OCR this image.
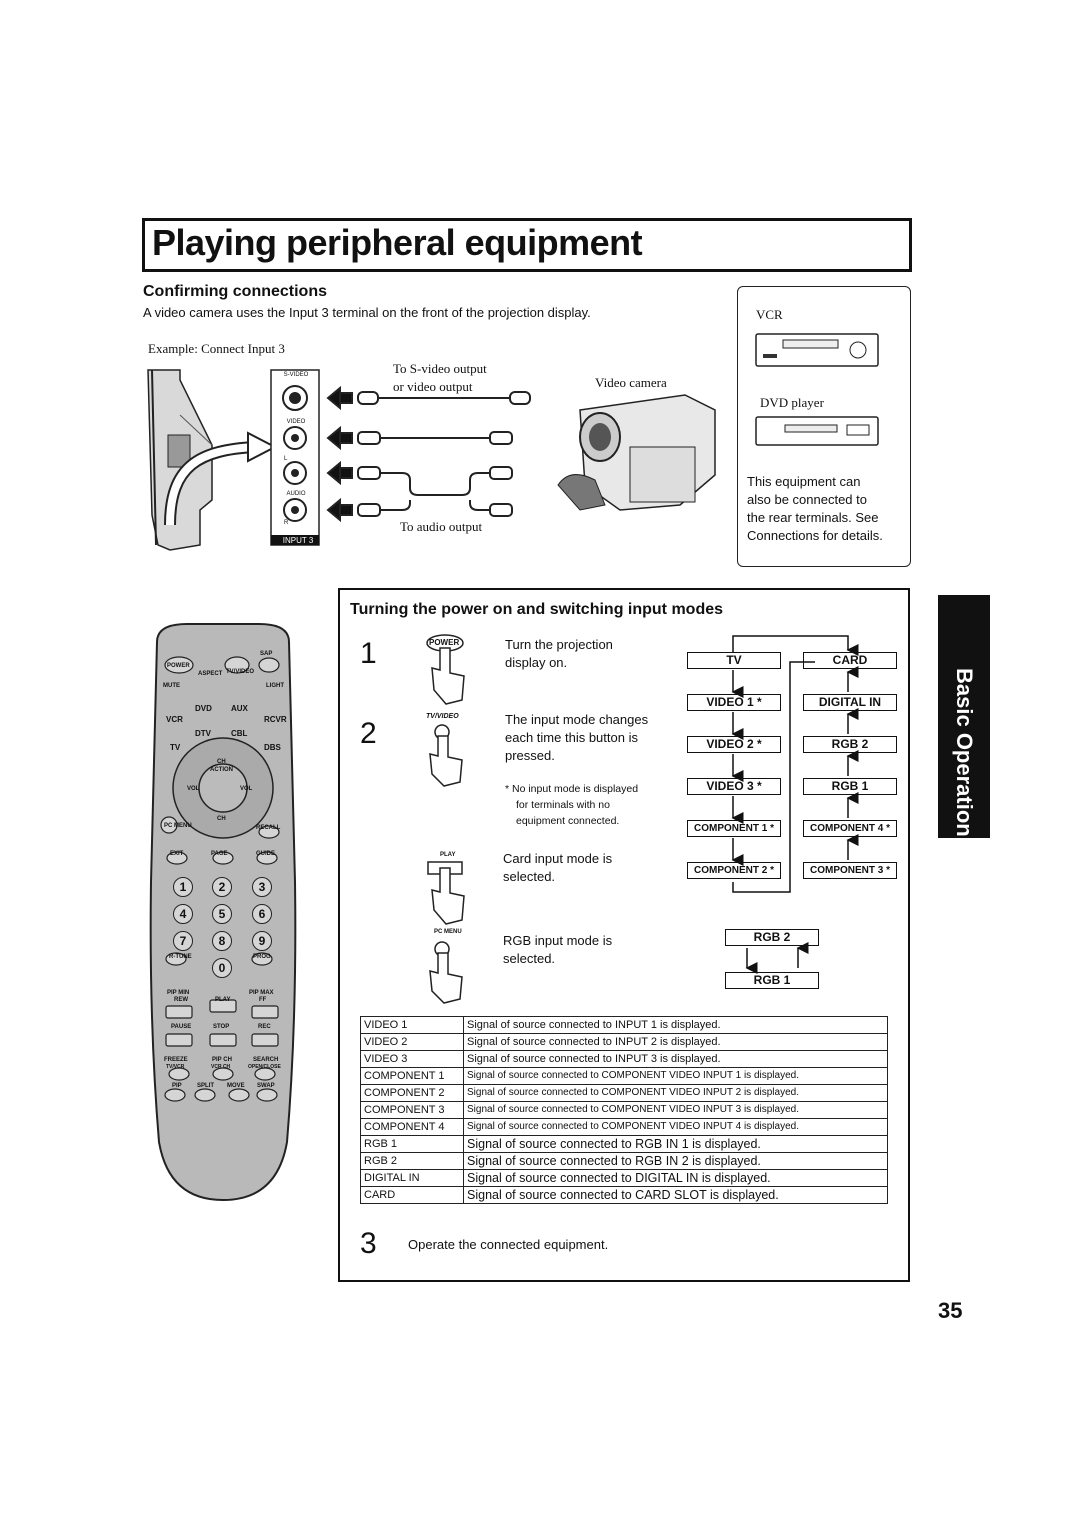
Playing peripheral equipment
Confirming connections
A video camera uses the Input 3 terminal on the front of the projection display.
Example: Connect Input 3
To S-video output
or video output	Video camera
To audio output
S-VIDEO
VIDEO
L
AUDIO
R
INPUT 3
VCR
DVD player
This equipment can
also be connected to
the rear terminals. See
Connections for details.
Basic Operation
Turning the power on and switching input modes
1
2
3
POWER
TV/VIDEO
PLAY
PC MENU
Turn the projection
display on.
The input mode changes
each time this button is
pressed.
* No input mode is displayed
for terminals with no
equipment connected.
Card input mode is
selected.
RGB input mode is
selected.
TV
VIDEO 1 *
VIDEO 2 *
VIDEO 3 *
COMPONENT 1 *
COMPONENT 2 *
CARD
DIGITAL IN
RGB 2
RGB 1
COMPONENT 4 *
COMPONENT 3 *
RGB 2
RGB 1
VIDEO 1	Signal of source connected to INPUT 1 is displayed.
VIDEO 2	Signal of source connected to INPUT 2 is displayed.
VIDEO 3	Signal of source connected to INPUT 3 is displayed.
COMPONENT 1	Signal of source connected to COMPONENT VIDEO INPUT 1 is displayed.
COMPONENT 2	Signal of source connected to COMPONENT VIDEO INPUT 2 is displayed.
COMPONENT 3	Signal of source connected to COMPONENT VIDEO INPUT 3 is displayed.
COMPONENT 4	Signal of source connected to COMPONENT VIDEO INPUT 4 is displayed.
RGB 1	Signal of source connected to RGB IN 1 is displayed.
RGB 2	Signal of source connected to RGB IN 2 is displayed.
DIGITAL IN	Signal of source connected to DIGITAL IN is displayed.
CARD	Signal of source connected to CARD SLOT is displayed.
Operate the connected equipment.
SAP
POWER
ASPECT TV/VIDEO
MUTE	LIGHT
VCR
DVD AUX
RCVR
TV
DTV	CBL
DBS
CH
ACTION
VOL	VOL
CH
PC MENU	RECALL
EXIT	PAGE	GUIDE
1	2	3
4	5	6
7	8	9
0
R-TUNE	PROG
PIP MIN
REW	PLAY
PIP MAX
FF
PAUSE	STOP	REC
FREEZE
TV/VCR
PIP CH
VCR CH
SEARCH
OPEN/CLOSE
PIP	SPLIT MOVE SWAP
35
